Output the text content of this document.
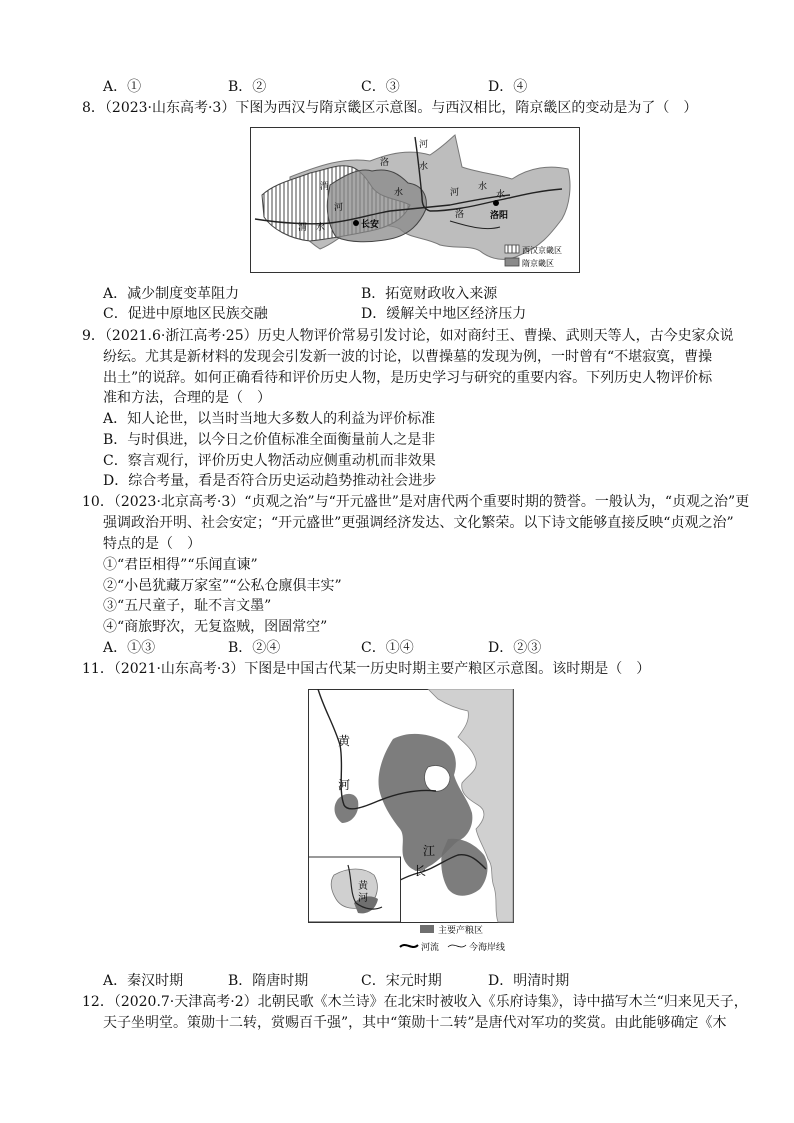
A．①	B．②	C．③	D．④
8．（2023·山东高考·3）下图为西汉与隋京畿区示意图。与西汉相比，隋京畿区的变动是为了（　）
河
水
水
水
河
洛
洛
渭
渭
河
水
水
长安
洛阳
西汉京畿区
隋京畿区
A．减少制度变革阻力	B．拓宽财政收入来源
C．促进中原地区民族交融	D．缓解关中地区经济压力
9．（2021.6·浙江高考·25）历史人物评价常易引发讨论，如对商纣王、曹操、武则天等人，古今史家众说
纷纭。尤其是新材料的发现会引发新一波的讨论，以曹操墓的发现为例，一时曾有“不堪寂寞，曹操
出土”的说辞。如何正确看待和评价历史人物，是历史学习与研究的重要内容。下列历史人物评价标
准和方法，合理的是（　）
A．知人论世，以当时当地大多数人的利益为评价标准
B．与时俱进，以今日之价值标准全面衡量前人之是非
C．察言观行，评价历史人物活动应侧重动机而非效果
D．综合考量，看是否符合历史运动趋势推动社会进步
10．（2023·北京高考·3）“贞观之治”与“开元盛世”是对唐代两个重要时期的赞誉。一般认为，“贞观之治”更
强调政治开明、社会安定；“开元盛世”更强调经济发达、文化繁荣。以下诗文能够直接反映“贞观之治”
特点的是（　）
①“君臣相得”“乐闻直谏”
②“小邑犹藏万家室”“公私仓廪俱丰实”
③“五尺童子，耻不言文墨”
④“商旅野次，无复盗贼，囹圄常空”
A．①③	B．②④	C．①④	D．②③
11．（2021·山东高考·3）下图是中国古代某一历史时期主要产粮区示意图。该时期是（　）
黄
河
江
长
黄
河
主要产粮区
河流	今海岸线
A．秦汉时期	B．隋唐时期	C．宋元时期	D．明清时期
12．（2020.7·天津高考·2）北朝民歌《木兰诗》在北宋时被收入《乐府诗集》，诗中描写木兰“归来见天子，
天子坐明堂。策勋十二转，赏赐百千强”，其中“策勋十二转”是唐代对军功的奖赏。由此能够确定《木
